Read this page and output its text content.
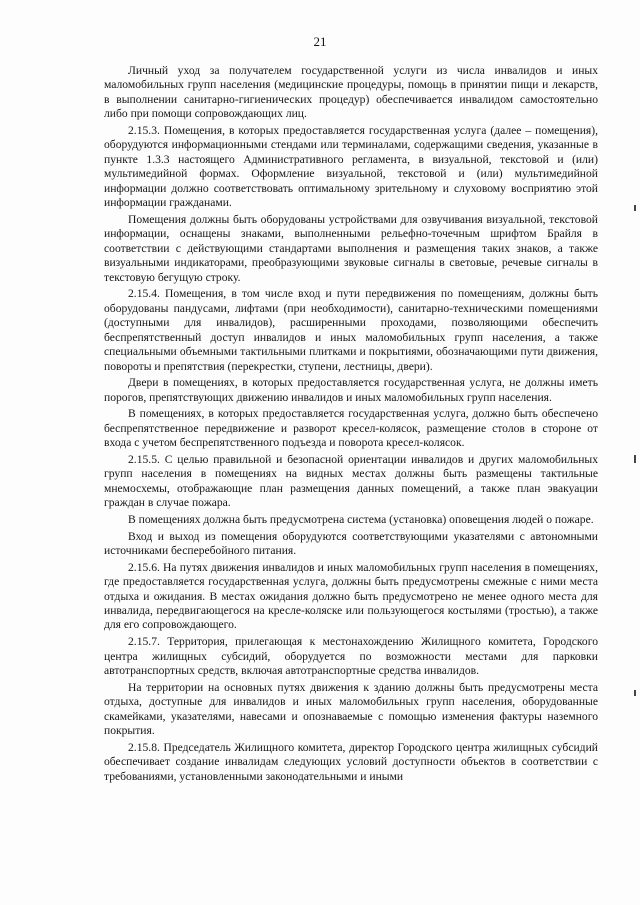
21

Личный уход за получателем государственной услуги из числа инвалидов и иных маломобильных групп населения (медицинские процедуры, помощь в принятии пищи и лекарств, в выполнении санитарно-гигиенических процедур) обеспечивается инвалидом самостоятельно либо при помощи сопровождающих лиц.

2.15.3. Помещения, в которых предоставляется государственная услуга (далее – помещения), оборудуются информационными стендами или терминалами, содержащими сведения, указанные в пункте 1.3.3 настоящего Административного регламента, в визуальной, текстовой и (или) мультимедийной формах. Оформление визуальной, текстовой и (или) мультимедийной информации должно соответствовать оптимальному зрительному и слуховому восприятию этой информации гражданами.

Помещения должны быть оборудованы устройствами для озвучивания визуальной, текстовой информации, оснащены знаками, выполненными рельефно-точечным шрифтом Брайля в соответствии с действующими стандартами выполнения и размещения таких знаков, а также визуальными индикаторами, преобразующими звуковые сигналы в световые, речевые сигналы в текстовую бегущую строку.

2.15.4. Помещения, в том числе вход и пути передвижения по помещениям, должны быть оборудованы пандусами, лифтами (при необходимости), санитарно-техническими помещениями (доступными для инвалидов), расширенными проходами, позволяющими обеспечить беспрепятственный доступ инвалидов и иных маломобильных групп населения, а также специальными объемными тактильными плитками и покрытиями, обозначающими пути движения, повороты и препятствия (перекрестки, ступени, лестницы, двери).

Двери в помещениях, в которых предоставляется государственная услуга, не должны иметь порогов, препятствующих движению инвалидов и иных маломобильных групп населения.

В помещениях, в которых предоставляется государственная услуга, должно быть обеспечено беспрепятственное передвижение и разворот кресел-колясок, размещение столов в стороне от входа с учетом беспрепятственного подъезда и поворота кресел-колясок.

2.15.5. С целью правильной и безопасной ориентации инвалидов и других маломобильных групп населения в помещениях на видных местах должны быть размещены тактильные мнемосхемы, отображающие план размещения данных помещений, а также план эвакуации граждан в случае пожара.

В помещениях должна быть предусмотрена система (установка) оповещения людей о пожаре.

Вход и выход из помещения оборудуются соответствующими указателями с автономными источниками бесперебойного питания.

2.15.6. На путях движения инвалидов и иных маломобильных групп населения в помещениях, где предоставляется государственная услуга, должны быть предусмотрены смежные с ними места отдыха и ожидания. В местах ожидания должно быть предусмотрено не менее одного места для инвалида, передвигающегося на кресле-коляске или пользующегося костылями (тростью), а также для его сопровождающего.

2.15.7. Территория, прилегающая к местонахождению Жилищного комитета, Городского центра жилищных субсидий, оборудуется по возможности местами для парковки автотранспортных средств, включая автотранспортные средства инвалидов.

На территории на основных путях движения к зданию должны быть предусмотрены места отдыха, доступные для инвалидов и иных маломобильных групп населения, оборудованные скамейками, указателями, навесами и опознаваемые с помощью изменения фактуры наземного покрытия.

2.15.8. Председатель Жилищного комитета, директор Городского центра жилищных субсидий обеспечивает создание инвалидам следующих условий доступности объектов в соответствии с требованиями, установленными законодательными и иными
